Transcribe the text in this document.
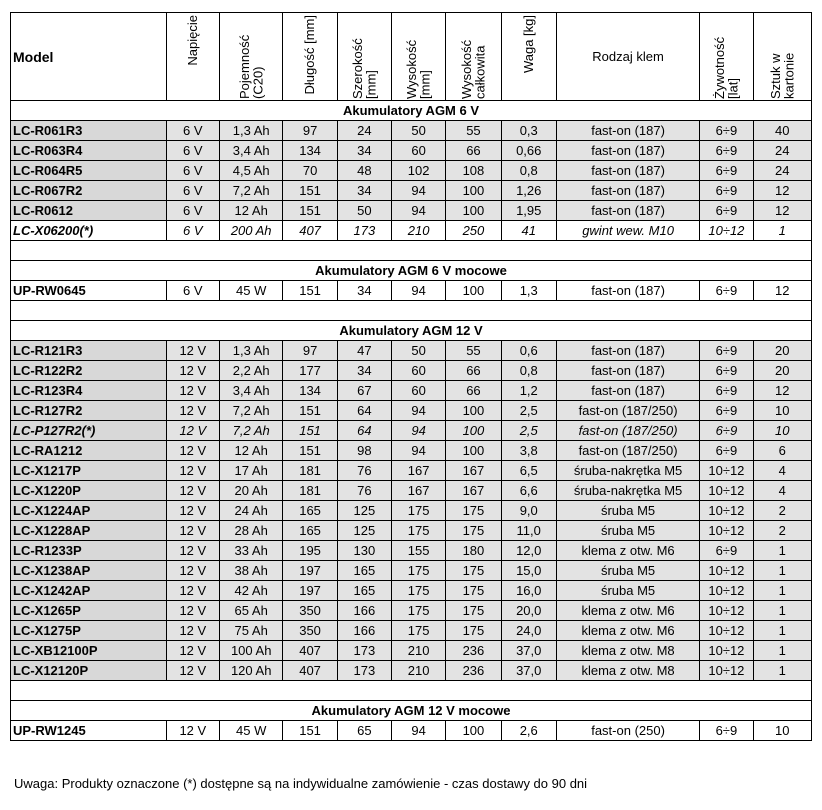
Model	Napięcie	Pojemność (C20)	Długość [mm]	Szerokość [mm]	Wysokość [mm]	Wysokość całkowita	Waga [kg]	Rodzaj klem	Żywotność [lat]	Sztuk w kartonie

Akumulatory AGM 6 V										
LC-R061R3	6 V	1,3 Ah	97	24	50	55	0,3	fast-on (187)	6÷9	40
LC-R063R4	6 V	3,4 Ah	134	34	60	66	0,66	fast-on (187)	6÷9	24
LC-R064R5	6 V	4,5 Ah	70	48	102	108	0,8	fast-on (187)	6÷9	24
LC-R067R2	6 V	7,2 Ah	151	34	94	100	1,26	fast-on (187)	6÷9	12
LC-R0612	6 V	12 Ah	151	50	94	100	1,95	fast-on (187)	6÷9	12
LC-X06200(*)	6 V	200 Ah	407	173	210	250	41	gwint wew. M10	10÷12	1

Akumulatory AGM 6 V mocowe										
UP-RW0645	6 V	45 W	151	34	94	100	1,3	fast-on (187)	6÷9	12

Akumulatory AGM 12 V										
LC-R121R3	12 V	1,3 Ah	97	47	50	55	0,6	fast-on (187)	6÷9	20
LC-R122R2	12 V	2,2 Ah	177	34	60	66	0,8	fast-on (187)	6÷9	20
LC-R123R4	12 V	3,4 Ah	134	67	60	66	1,2	fast-on (187)	6÷9	12
LC-R127R2	12 V	7,2 Ah	151	64	94	100	2,5	fast-on (187/250)	6÷9	10
LC-P127R2(*)	12 V	7,2 Ah	151	64	94	100	2,5	fast-on (187/250)	6÷9	10
LC-RA1212	12 V	12 Ah	151	98	94	100	3,8	fast-on (187/250)	6÷9	6
LC-X1217P	12 V	17 Ah	181	76	167	167	6,5	śruba-nakrętka M5	10÷12	4
LC-X1220P	12 V	20 Ah	181	76	167	167	6,6	śruba-nakrętka M5	10÷12	4
LC-X1224AP	12 V	24 Ah	165	125	175	175	9,0	śruba M5	10÷12	2
LC-X1228AP	12 V	28 Ah	165	125	175	175	11,0	śruba M5	10÷12	2
LC-R1233P	12 V	33 Ah	195	130	155	180	12,0	klema z otw. M6	6÷9	1
LC-X1238AP	12 V	38 Ah	197	165	175	175	15,0	śruba M5	10÷12	1
LC-X1242AP	12 V	42 Ah	197	165	175	175	16,0	śruba M5	10÷12	1
LC-X1265P	12 V	65 Ah	350	166	175	175	20,0	klema z otw. M6	10÷12	1
LC-X1275P	12 V	75 Ah	350	166	175	175	24,0	klema z otw. M6	10÷12	1
LC-XB12100P	12 V	100 Ah	407	173	210	236	37,0	klema z otw. M8	10÷12	1
LC-X12120P	12 V	120 Ah	407	173	210	236	37,0	klema z otw. M8	10÷12	1

Akumulatory AGM 12 V mocowe										
UP-RW1245	12 V	45 W	151	65	94	100	2,6	fast-on (250)	6÷9	10
Uwaga: Produkty oznaczone (*) dostępne są na indywidualne zamówienie - czas dostawy do 90 dni
